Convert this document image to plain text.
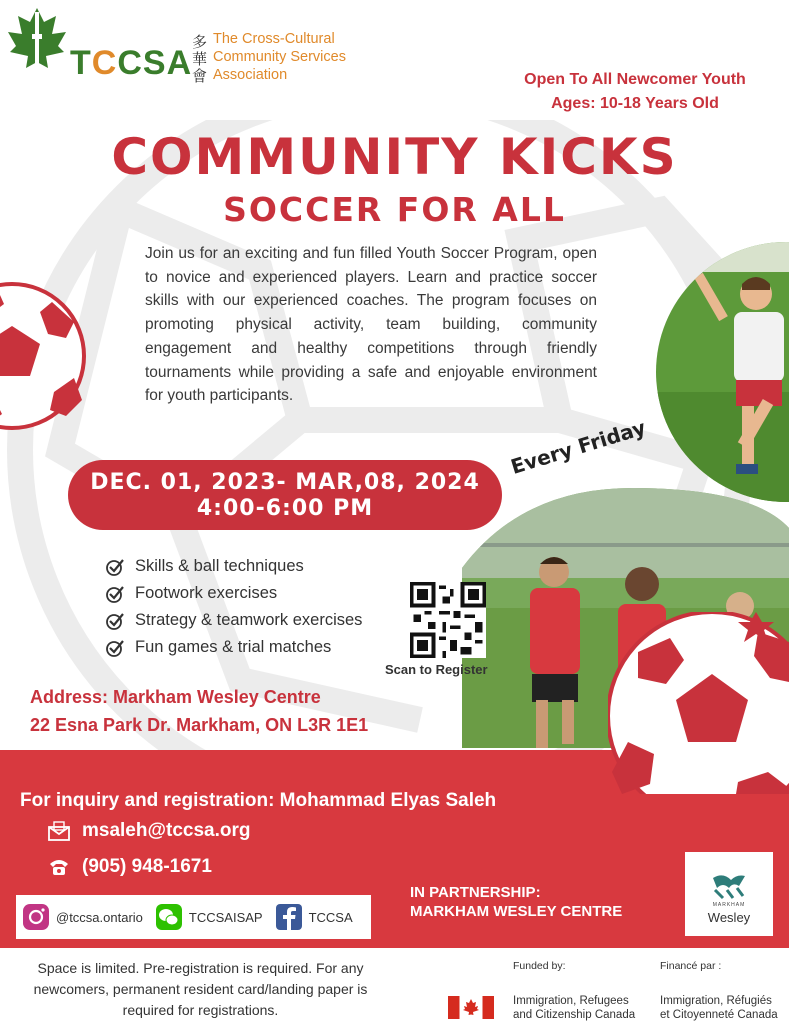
TCCSA
多華會
The Cross-Cultural
Community Services
Association	Open To All Newcomer Youth
Ages: 10-18 Years Old
COMMUNITY KICKS
SOCCER FOR ALL
Join us for an exciting and fun filled Youth Soccer Program, open to novice and experienced players. Learn and practice soccer skills with our experienced coaches. The program focuses on promoting physical activity, team building, community engagement and healthy competitions through friendly tournaments while providing a safe and enjoyable environment for youth participants.
DEC. 01, 2023- MAR,08, 2024
4:00-6:00 PM
Every Friday
Skills & ball techniques
Footwork exercises
Strategy & teamwork exercises
Fun games & trial matches
Scan to Register
Address: Markham Wesley Centre
22 Esna Park Dr. Markham, ON L3R 1E1
For inquiry and registration: Mohammad Elyas Saleh
msaleh@tccsa.org
(905) 948-1671
@tccsa.ontario	TCCSAISAP	TCCSA
IN PARTNERSHIP:
MARKHAM WESLEY CENTRE	MARKHAM
Wesley
Space is limited. Pre-registration is required. For any newcomers, permanent resident card/landing paper is required for registrations.
Funded by:	Financé par :
Immigration, Refugees
and Citizenship Canada
Immigration, Réfugiés
et Citoyenneté Canada
